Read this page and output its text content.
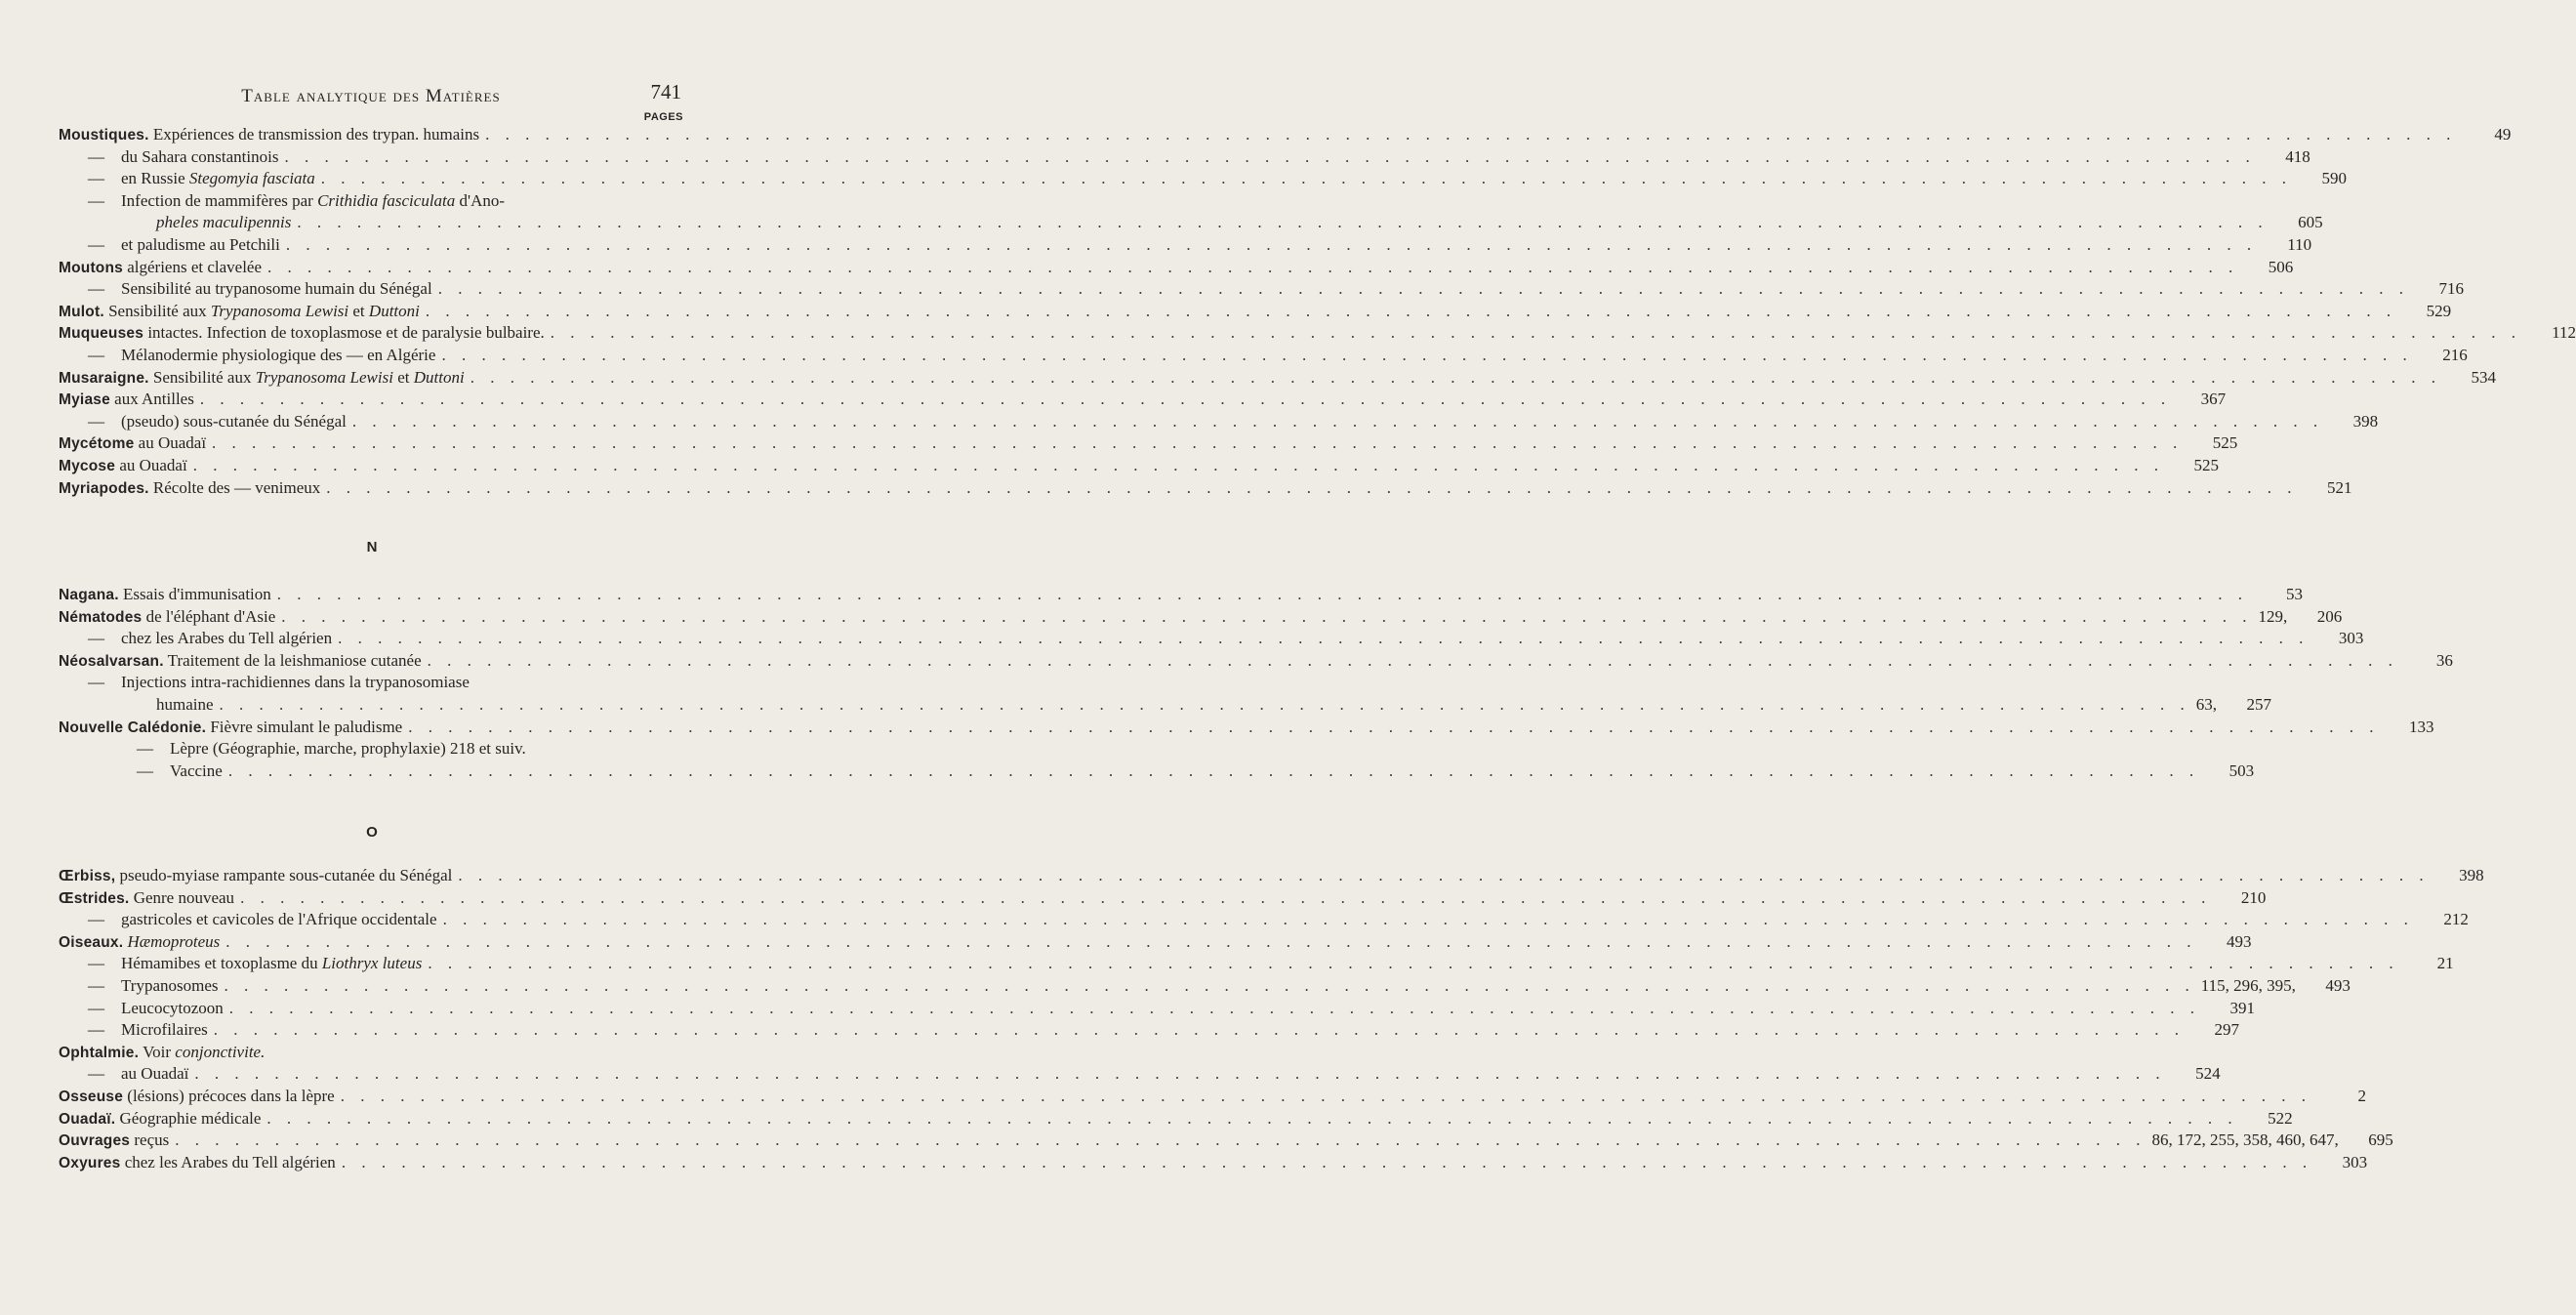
Table analytique des Matières	741
PAGES
Moustiques. Expériences de transmission des trypan. humains . . .	49
—    du Sahara constantinois . . .	418
—    en Russie Stegomyia fasciata . . .	590
—    Infection de mammifères par Crithidia fasciculata d'Ano-
pheles maculipennis . . .	605
—    et paludisme au Petchili . . .	110
Moutons algériens et clavelée . . .	506
—    Sensibilité au trypanosome humain du Sénégal . . .	716
Mulot. Sensibilité aux Trypanosoma Lewisi et Duttoni . . .	529
Muqueuses intactes. Infection de toxoplasmose et de paralysie bulbaire. . . .	112
—    Mélanodermie physiologique des — en Algérie . . .	216
Musaraigne. Sensibilité aux Trypanosoma Lewisi et Duttoni . . .	534
Myiase aux Antilles . . .	367
—    (pseudo) sous-cutanée du Sénégal . . .	398
Mycétome au Ouadaï . . .	525
Mycose au Ouadaï . . .	525
Myriapodes. Récolte des — venimeux . . .	521
N
Nagana. Essais d'immunisation . . .	53
Nématodes de l'éléphant d'Asie . . .	129,	206
—    chez les Arabes du Tell algérien . . .	303
Néosalvarsan. Traitement de la leishmaniose cutanée . . .	36
—    Injections intra-rachidiennes dans la trypanosomiase
humaine . . .	63,	257
Nouvelle Calédonie. Fièvre simulant le paludisme . . .	133
—    Lèpre (Géographie, marche, prophylaxie) 218 et suiv.
—    Vaccine . . .	503
O
Œrbiss, pseudo-myiase rampante sous-cutanée du Sénégal . . .	398
Œstrides. Genre nouveau . . .	210
—    gastricoles et cavicoles de l'Afrique occidentale . . .	212
Oiseaux. Hæmoproteus . . .	493
—    Hémamibes et toxoplasme du Liothryx luteus . . .	21
—    Trypanosomes . . .	115, 296, 395,	493
—    Leucocytozoon . . .	391
—    Microfilaires . . .	297
Ophtalmie. Voir conjonctivite.
—    au Ouadaï . . .	524
Osseuse (lésions) précoces dans la lèpre . . .	2
Ouadaï. Géographie médicale . . .	522
Ouvrages reçus . . .	86, 172, 255, 358, 460, 647,	695
Oxyures chez les Arabes du Tell algérien . . .	303
